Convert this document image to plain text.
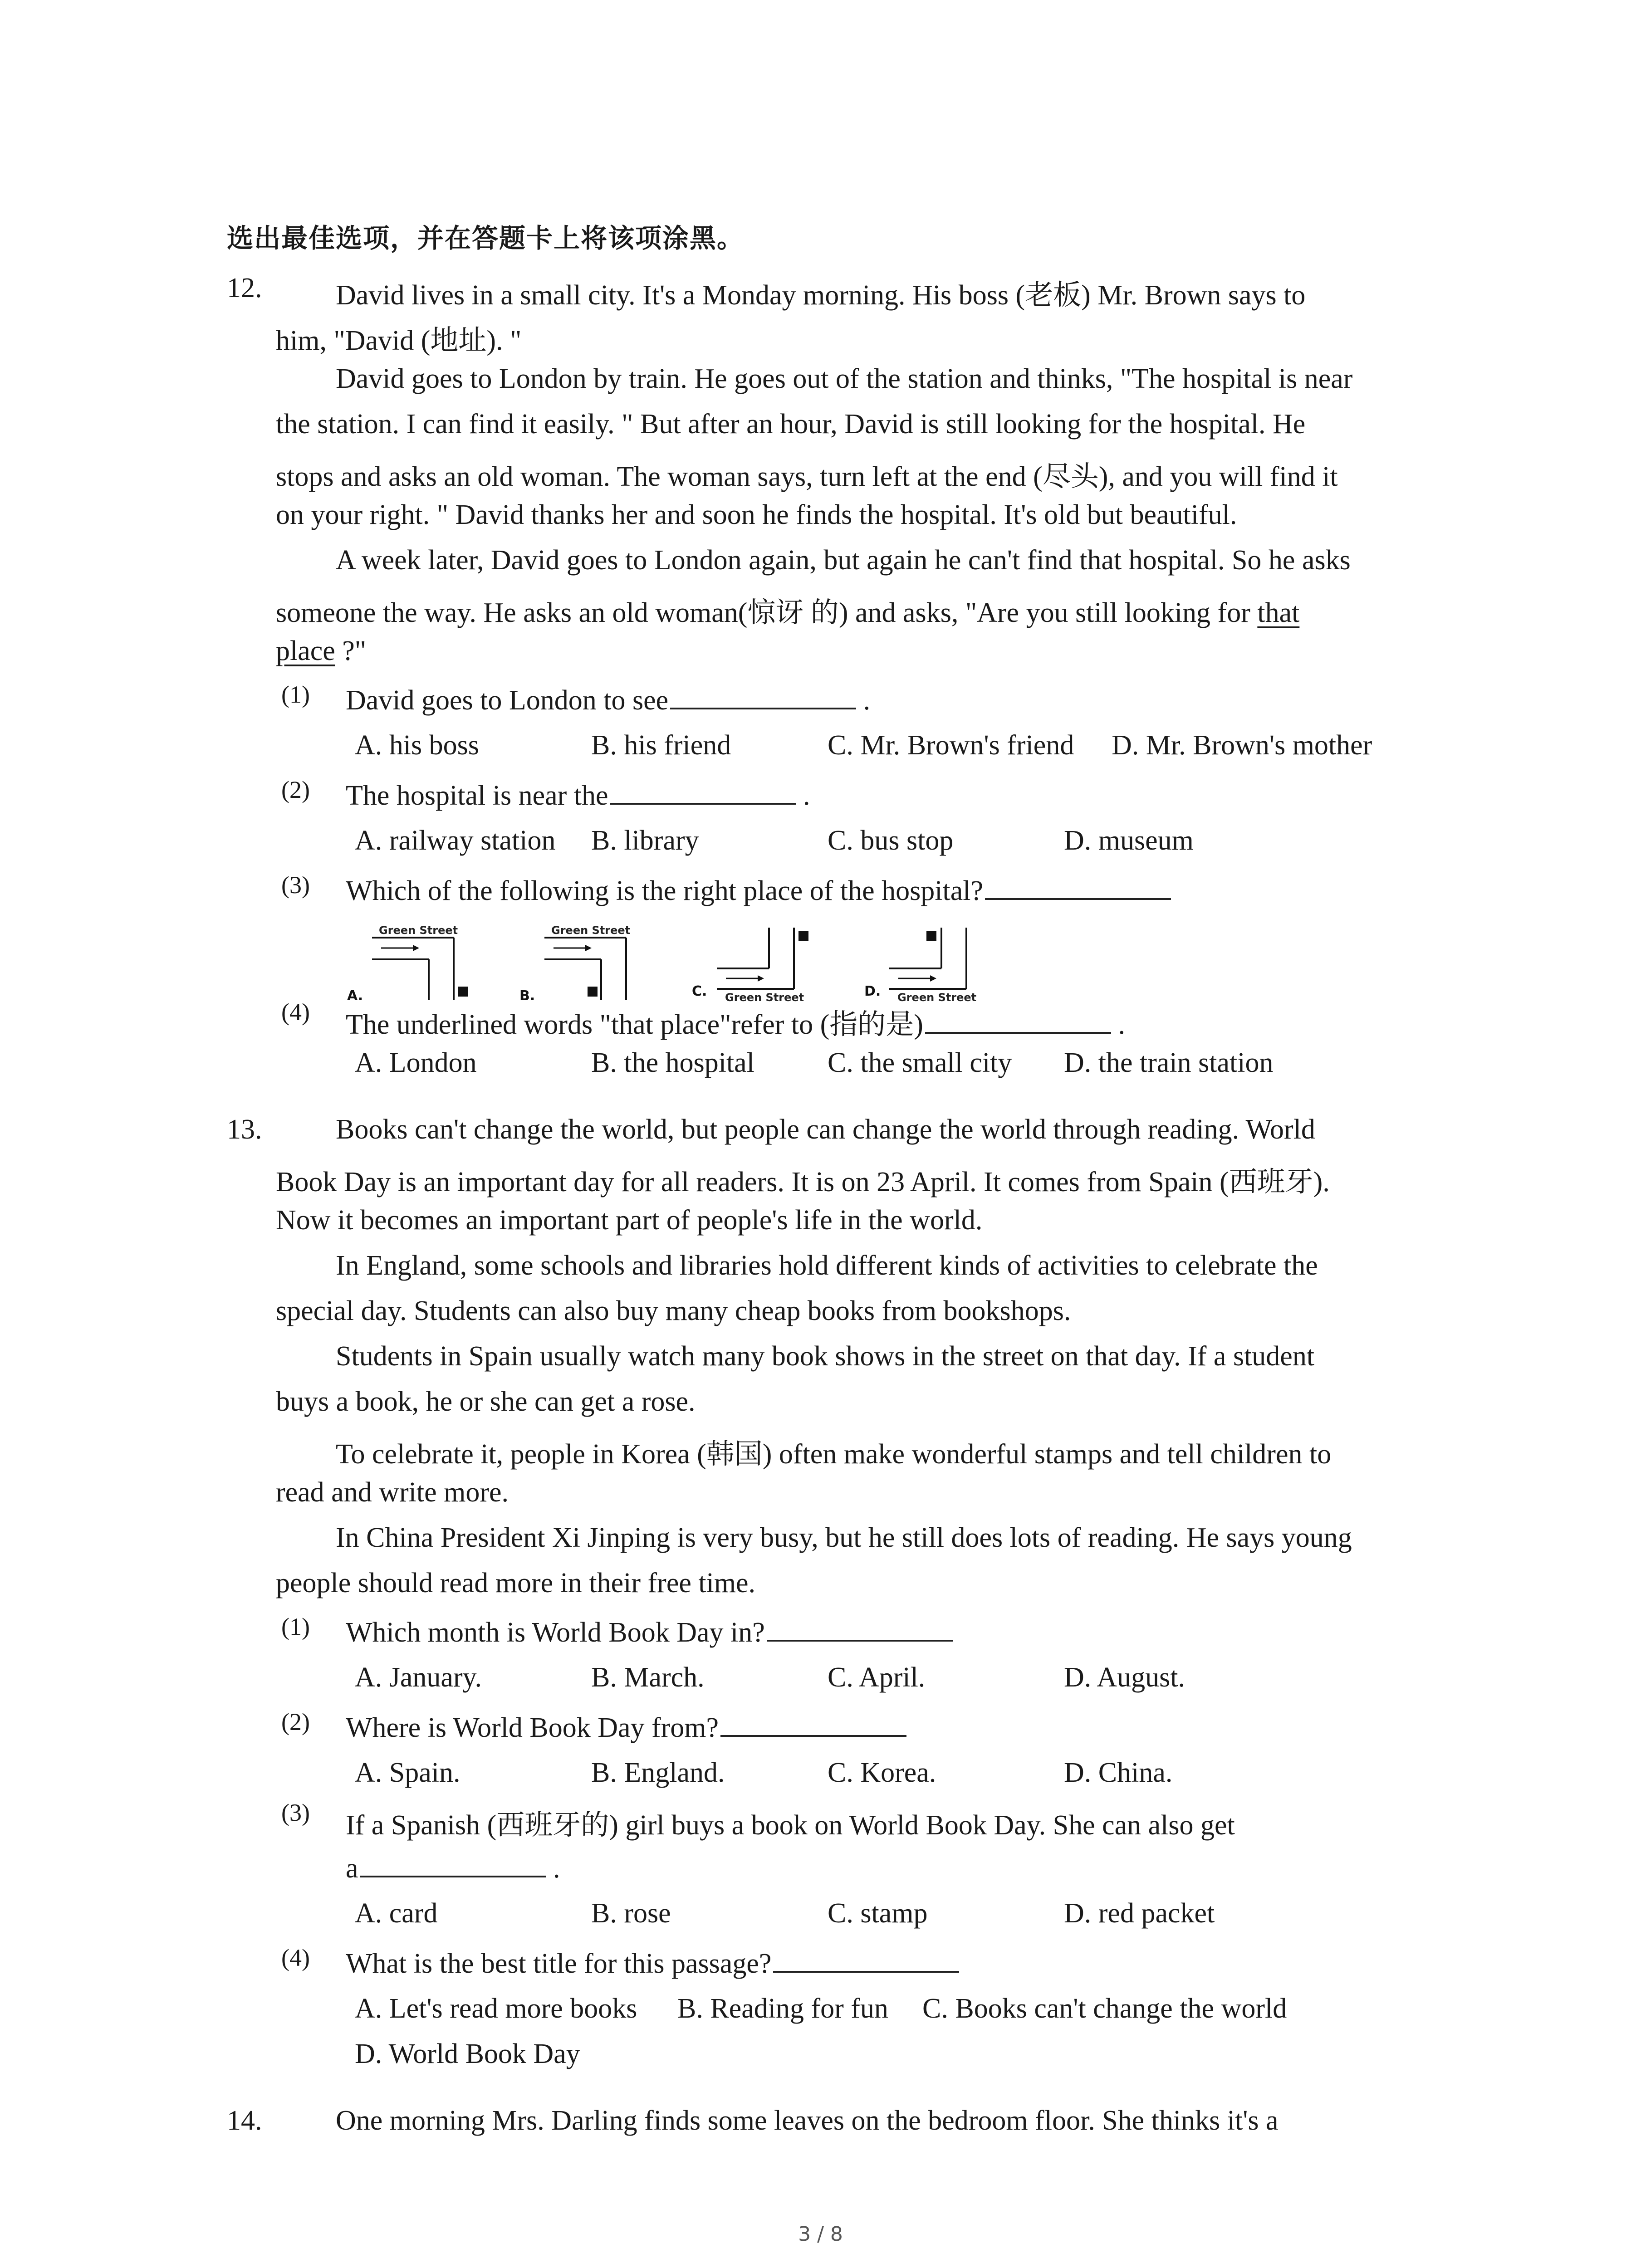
选出最佳选项，并在答题卡上将该项涂黑。
12.	David lives in a small city. It's a Monday morning. His boss (老板) Mr. Brown says to
him, "David (地址). "
David goes to London by train. He goes out of the station and thinks, "The hospital is near
the station. I can find it easily. " But after an hour, David is still looking for the hospital. He
stops and asks an old woman. The woman says, turn left at the end (尽头), and you will find it
on your right. " David thanks her and soon he finds the hospital. It's old but beautiful.
A week later, David goes to London again, but again he can't find that hospital. So he asks
someone the way. He asks an old woman(惊讶 的) and asks, "Are you still looking for that
place ?"
(1) David goes to London to see	.
A. his boss	B. his friend	C. Mr. Brown's friend D. Mr. Brown's mother
(2) The hospital is near the	.
A. railway station B. library	C. bus stop	D. museum
(3) Which of the following is the right place of the hospital?
Green Street
A.
Green Street
B.	Green Street
C.	Green Street
D.
(4) The underlined words "that place"refer to (指的是)	.
A. London	B. the hospital	C. the small city D. the train station
13.	Books can't change the world, but people can change the world through reading. World
Book Day is an important day for all readers. It is on 23 April. It comes from Spain (西班牙).
Now it becomes an important part of people's life in the world.
In England, some schools and libraries hold different kinds of activities to celebrate the
special day. Students can also buy many cheap books from bookshops.
Students in Spain usually watch many book shows in the street on that day. If a student
buys a book, he or she can get a rose.
To celebrate it, people in Korea (韩国) often make wonderful stamps and tell children to
read and write more.
In China President Xi Jinping is very busy, but he still does lots of reading. He says young
people should read more in their free time.
(1) Which month is World Book Day in?
A. January.	B. March.	C. April.	D. August.
(2) Where is World Book Day from?
A. Spain.	B. England.	C. Korea.	D. China.
(3) If a Spanish (西班牙的) girl buys a book on World Book Day. She can also get
a	.
A. card	B. rose	C. stamp	D. red packet
(4) What is the best title for this passage?
A. Let's read more books B. Reading for fun C. Books can't change the world
D. World Book Day
14.	One morning Mrs. Darling finds some leaves on the bedroom floor. She thinks it's a
3 / 8
